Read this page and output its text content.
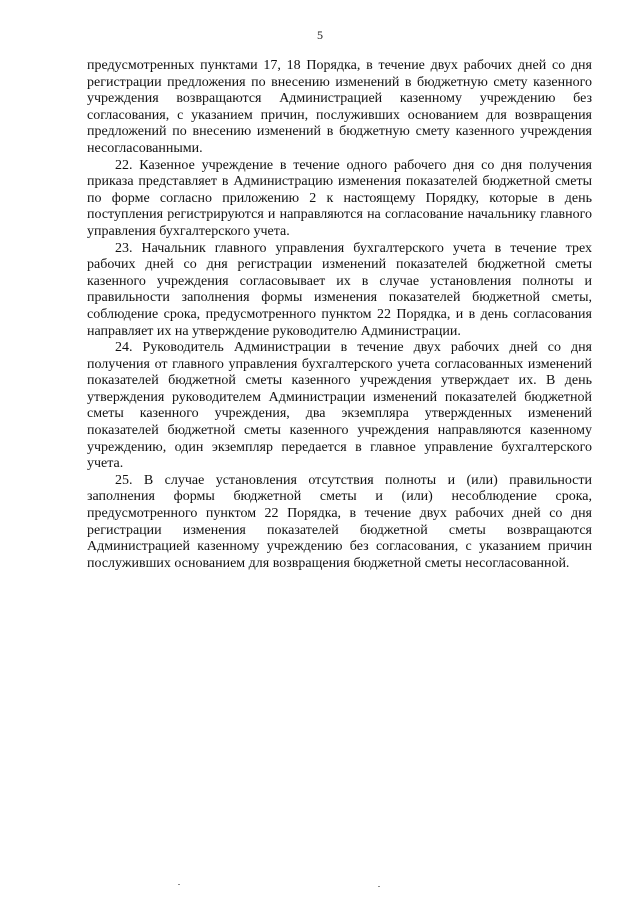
5

предусмотренных пунктами 17, 18 Порядка, в течение двух рабочих дней со дня регистрации предложения по внесению изменений в бюджетную смету казенного учреждения возвращаются Администрацией казенному учреждению без согласования, с указанием причин, послуживших основанием для возвращения предложений по внесению изменений в бюджетную смету казенного учреждения несогласованными.

22. Казенное учреждение в течение одного рабочего дня со дня получения приказа представляет в Администрацию изменения показателей бюджетной сметы по форме согласно приложению 2 к настоящему Порядку, которые в день поступления регистрируются и направляются на согласование начальнику главного управления бухгалтерского учета.

23. Начальник главного управления бухгалтерского учета в течение трех рабочих дней со дня регистрации изменений показателей бюджетной сметы казенного учреждения согласовывает их в случае установления полноты и правильности заполнения формы изменения показателей бюджетной сметы, соблюдение срока, предусмотренного пунктом 22 Порядка, и в день согласования направляет их на утверждение руководителю Администрации.

24. Руководитель Администрации в течение двух рабочих дней со дня получения от главного управления бухгалтерского учета согласованных изменений показателей бюджетной сметы казенного учреждения утверждает их. В день утверждения руководителем Администрации изменений показателей бюджетной сметы казенного учреждения, два экземпляра утвержденных изменений показателей бюджетной сметы казенного учреждения направляются казенному учреждению, один экземпляр передается в главное управление бухгалтерского учета.

25. В случае установления отсутствия полноты и (или) правильности заполнения формы бюджетной сметы и (или) несоблюдение срока, предусмотренного пунктом 22 Порядка, в течение двух рабочих дней со дня регистрации изменения показателей бюджетной сметы возвращаются Администрацией казенному учреждению без согласования, с указанием причин послуживших основанием для возвращения бюджетной сметы несогласованной.
